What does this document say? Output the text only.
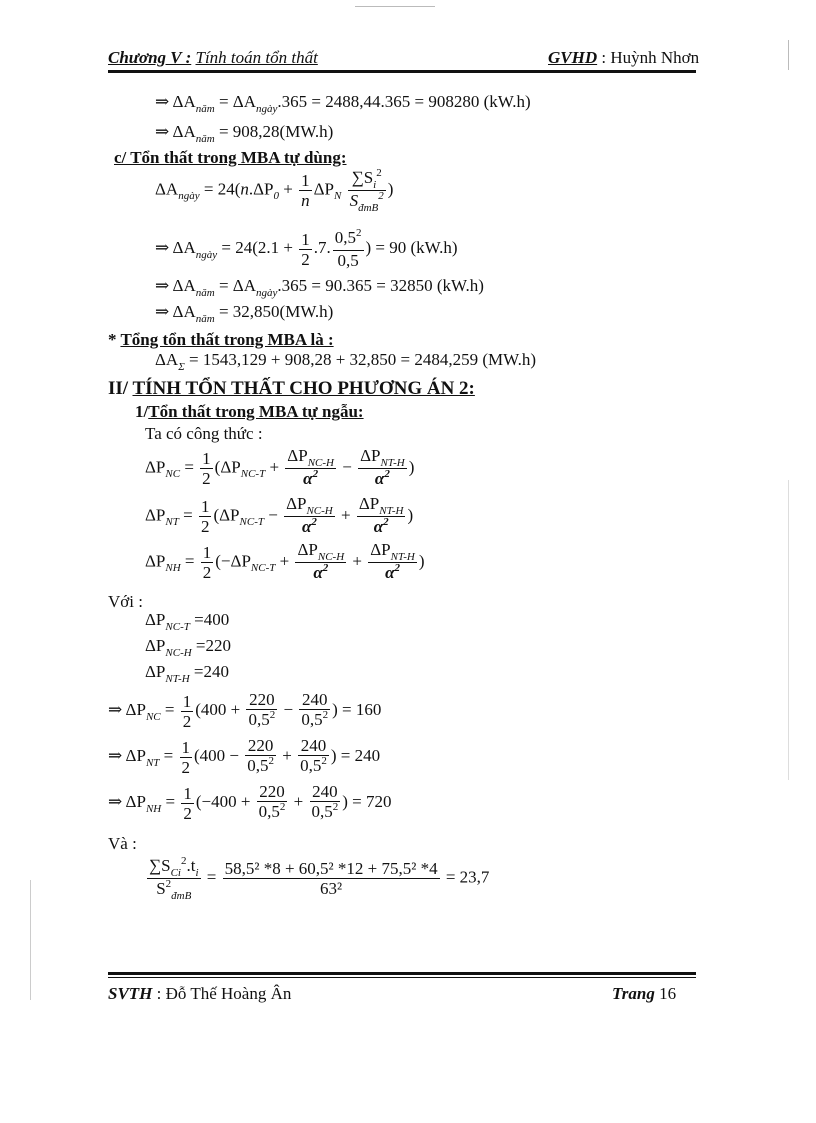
Chương V : Tính toán tổn thất	GVHD : Huỳnh Nhơn
⇒ $\Delta A_{năm} = \Delta A_{ngày}.365 = 2488,44.365 = 908280$ (kW.h)
⇒ $\Delta A_{năm} = 908,28(MW.h)$
c/ Tổn thất trong MBA tự dùng:
$\Delta A_{ngày} = 24(n.\Delta P_0 + \frac{1}{n} \Delta P_N \frac{\sum S_i^2}{S_{đmB}^2}$ )
⇒ $\Delta A_{ngày} = 24(2.1 + \frac{1}{2} .7$. $\frac{0,5^2}{0,5}$ ) = 90 (kW.h)
⇒ $\Delta A_{năm} = \Delta A_{ngày}.365 = 90.365 = 32850$ (kW.h)
⇒ $\Delta A_{năm} = 32,850(MW.h)$
* Tổng tổn thất trong MBA là :
$\Delta A_\Sigma = 1543,129 + 908,28 + 32,850 = 2484,259$ (MW.h)
II/ TÍNH TỔN THẤT CHO PHƯƠNG ÁN 2:
1/Tổn thất trong MBA tự ngẫu:
Ta có công thức :
$\Delta P_{NC} = \frac{1}{2} (\Delta P_{NC-T} + \frac{\Delta P_{NC-H}}{\alpha^2} - \frac{\Delta P_{NT-H}}{\alpha^2}$ )
$\Delta P_{NT} = \frac{1}{2} (\Delta P_{NC-T} - \frac{\Delta P_{NC-H}}{\alpha^2} + \frac{\Delta P_{NT-H}}{\alpha^2}$ )
$\Delta P_{NH} = \frac{1}{2} (-\Delta P_{NC-T} + \frac{\Delta P_{NC-H}}{\alpha^2} + \frac{\Delta P_{NT-H}}{\alpha^2}$ )
Với :
$\Delta P_{NC-T} =400$
$\Delta P_{NC-H} =220$
$\Delta P_{NT-H} =240$
⇒ $\Delta P_{NC} = \frac{1}{2} (400 + \frac{220}{0,5^2} - \frac{240}{0,5^2}$ ) = 160
⇒ $\Delta P_{NT} = \frac{1}{2} (400 - \frac{220}{0,5^2} + \frac{240}{0,5^2}$ ) = 240
⇒ $\Delta P_{NH} = \frac{1}{2} (-400 + \frac{220}{0,5^2} + \frac{240}{0,5^2}$ ) = 720
Và :
$\frac{\sum S_{Ci}^2.t_i}{S^2_{đmB}} = \frac{\text{58,5² *8 + 60,5² *12 + 75,5² *4}}{\text{63²}} = 23,7$
SVTH : Đỗ Thế Hoàng Ân	Trang 16
